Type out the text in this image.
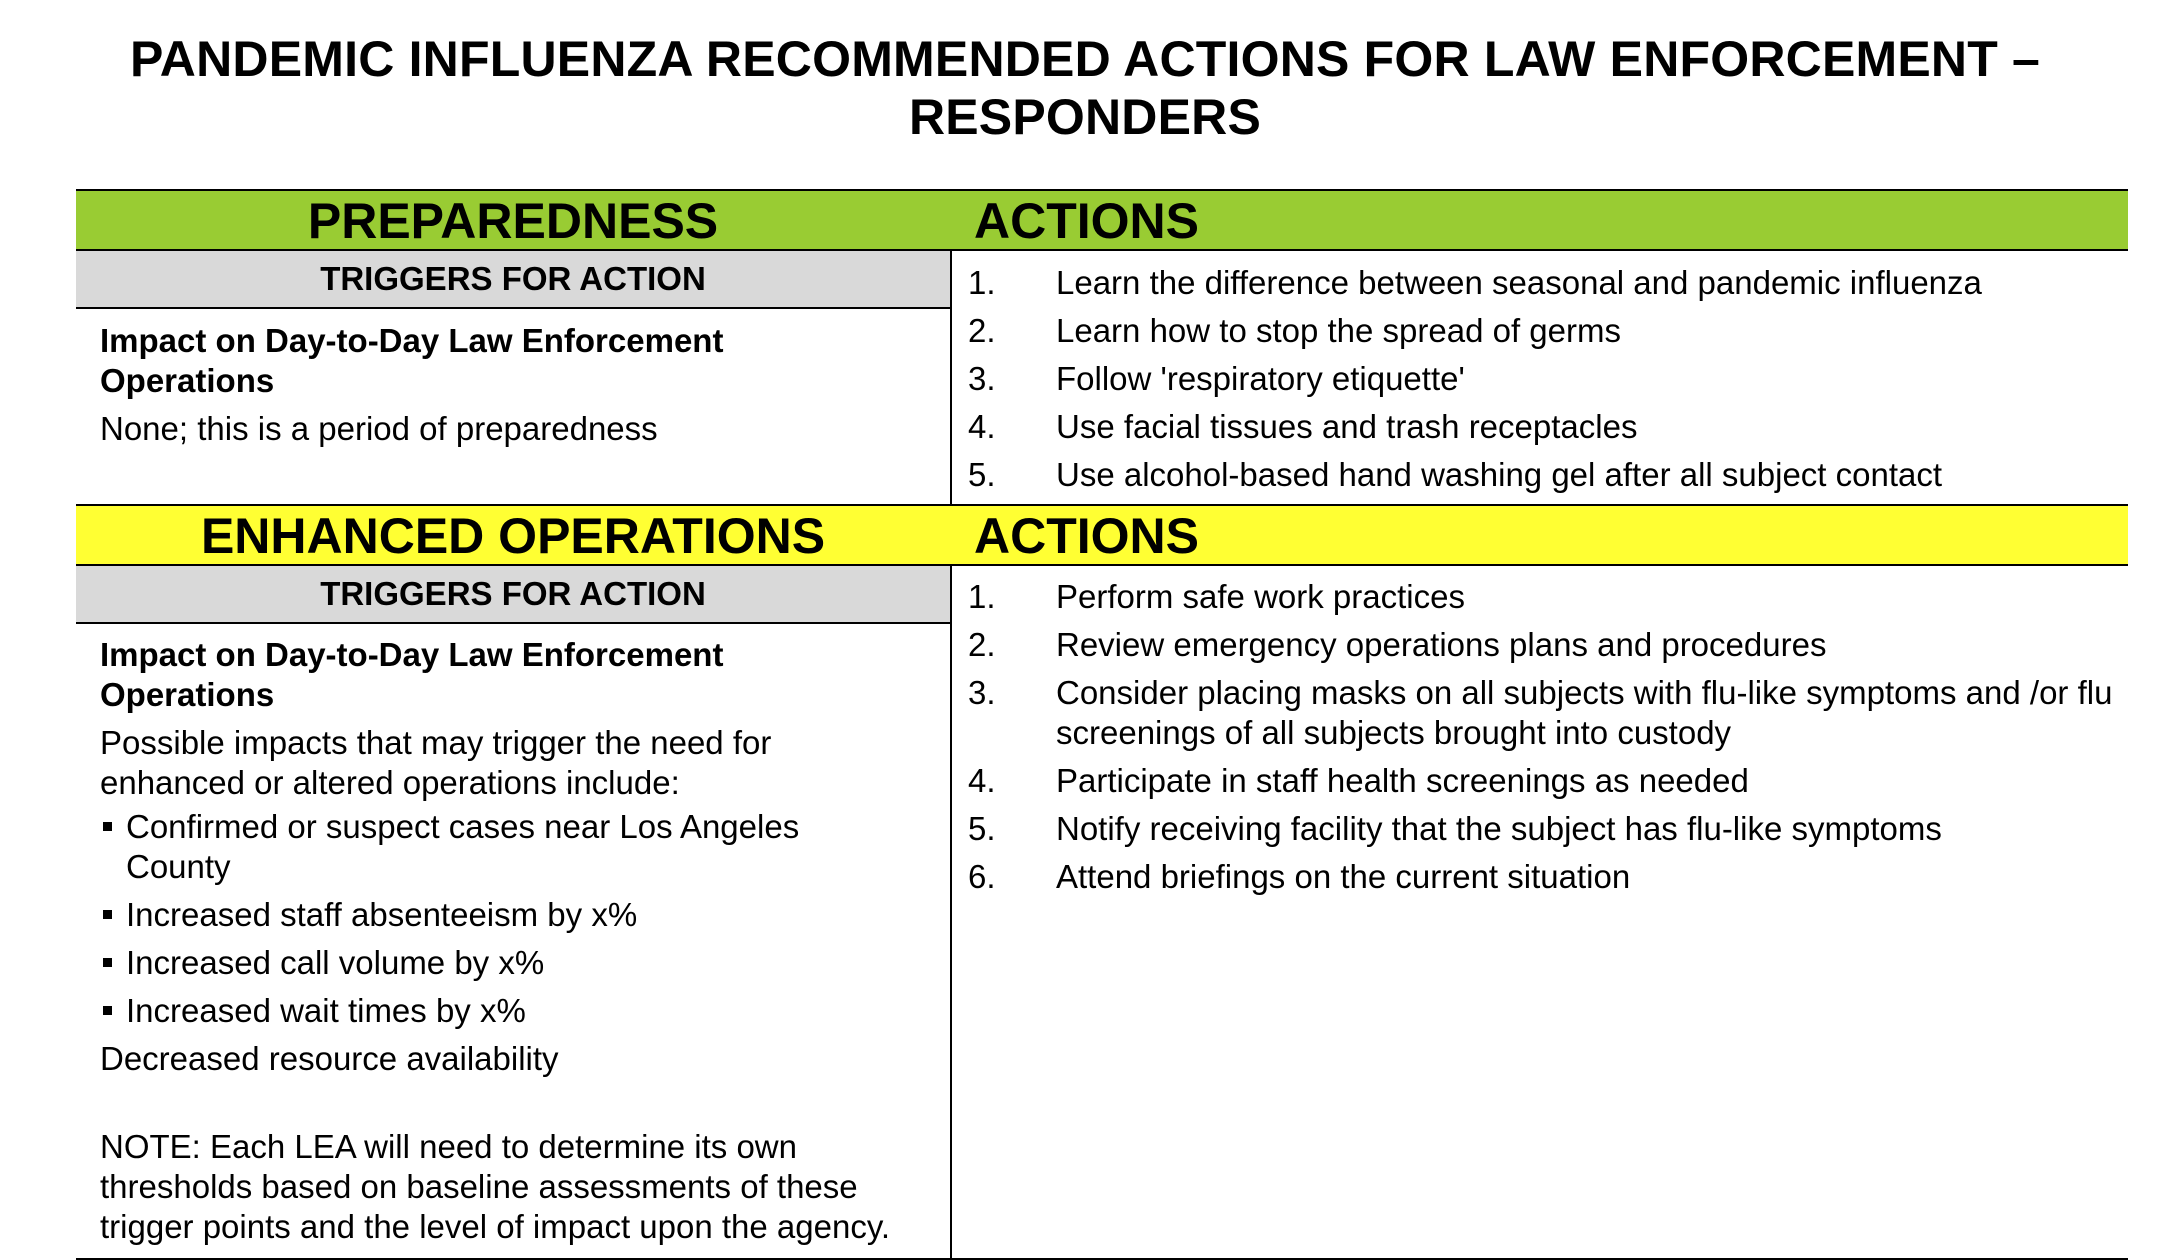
PANDEMIC INFLUENZA RECOMMENDED ACTIONS FOR LAW ENFORCEMENT –
RESPONDERS
PREPAREDNESS	ACTIONS
TRIGGERS FOR ACTION

Impact on Day-to-Day Law Enforcement Operations

None; this is a period of preparedness

1.	Learn the difference between seasonal and pandemic influenza
2.	Learn how to stop the spread of germs
3.	Follow 'respiratory etiquette'
4.	Use facial tissues and trash receptacles
5.	Use alcohol-based hand washing gel after all subject contact
ENHANCED OPERATIONS	ACTIONS
TRIGGERS FOR ACTION

Impact on Day-to-Day Law Enforcement Operations

Possible impacts that may trigger the need for enhanced or altered operations include:

Confirmed or suspect cases near Los Angeles County
Increased staff absenteeism by x%
Increased call volume by x%
Increased wait times by x%

Decreased resource availability

NOTE: Each LEA will need to determine its own thresholds based on baseline assessments of these trigger points and the level of impact upon the agency.

1.	Perform safe work practices
2.	Review emergency operations plans and procedures
3.	Consider placing masks on all subjects with flu-like symptoms and /or flu screenings of all subjects brought into custody
4.	Participate in staff health screenings as needed
5.	Notify receiving facility that the subject has flu-like symptoms
6.	Attend briefings on the current situation
